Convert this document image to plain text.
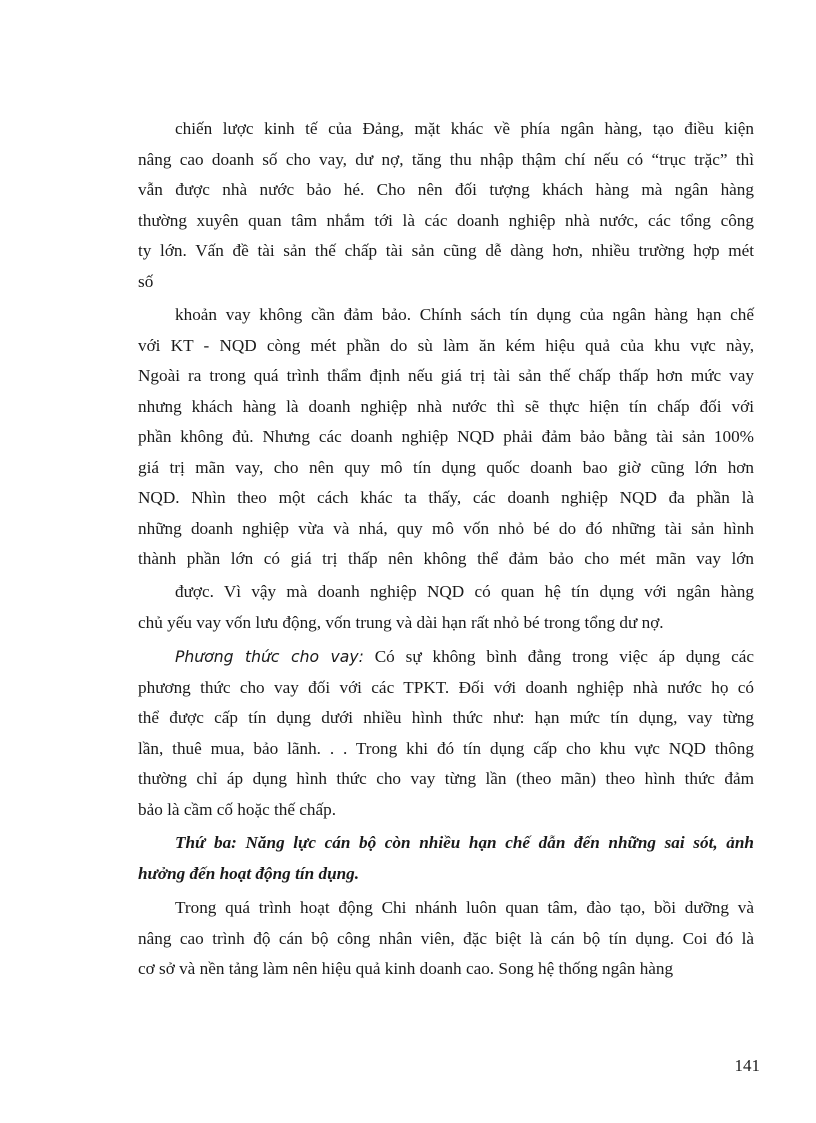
chiến lược kinh tế của Đảng, mặt khác về phía ngân hàng, tạo điều kiện
nâng cao doanh số cho vay, dư nợ, tăng thu nhập thậm chí nếu có “trục trặc” thì
vẫn được nhà nước bảo hé. Cho nên đối tượng khách hàng mà ngân hàng
thường xuyên quan tâm nhắm tới là các doanh nghiệp nhà nước, các tổng công
ty lớn. Vấn đề tài sản thế chấp tài sản cũng dễ dàng hơn, nhiều trường hợp mét
số
khoản vay không cần đảm bảo. Chính sách tín dụng của ngân hàng hạn chế
với KT - NQD còng mét phần do sù làm ăn kém hiệu quả của khu vực này,
Ngoài ra trong quá trình thẩm định nếu giá trị tài sản thế chấp thấp hơn mức vay
nhưng khách hàng là doanh nghiệp nhà nước thì sẽ thực hiện tín chấp đối với
phần không đủ. Nhưng các doanh nghiệp NQD phải đảm bảo bằng tài sản 100%
giá trị mãn vay, cho nên quy mô tín dụng quốc doanh bao giờ cũng lớn hơn
NQD. Nhìn theo một cách khác ta thấy, các doanh nghiệp NQD đa phần là
những doanh nghiệp vừa và nhá, quy mô vốn nhỏ bé do đó những tài sản hình
thành phần lớn có giá trị thấp nên không thể đảm bảo cho mét mãn vay lớn
được. Vì vậy mà doanh nghiệp NQD có quan hệ tín dụng với ngân hàng
chủ yếu vay vốn lưu động, vốn trung và dài hạn rất nhỏ bé trong tổng dư nợ.
Phương thức cho vay: Có sự không bình đẳng trong việc áp dụng các
phương thức cho vay đối với các TPKT. Đối với doanh nghiệp nhà nước họ có
thể được cấp tín dụng dưới nhiều hình thức như: hạn mức tín dụng, vay từng
lần, thuê mua, bảo lãnh. . . Trong khi đó tín dụng cấp cho khu vực NQD thông
thường chỉ áp dụng hình thức cho vay từng lần (theo mãn) theo hình thức đảm
bảo là cầm cố hoặc thế chấp.
Thứ ba: Năng lực cán bộ còn nhiều hạn chế dẫn đến những sai sót, ảnh
hưởng đến hoạt động tín dụng.
Trong quá trình hoạt động Chi nhánh luôn quan tâm, đào tạo, bồi dưỡng và
nâng cao trình độ cán bộ công nhân viên, đặc biệt là cán bộ tín dụng. Coi đó là
cơ sở và nền tảng làm nên hiệu quả kinh doanh cao. Song hệ thống ngân hàng
141
